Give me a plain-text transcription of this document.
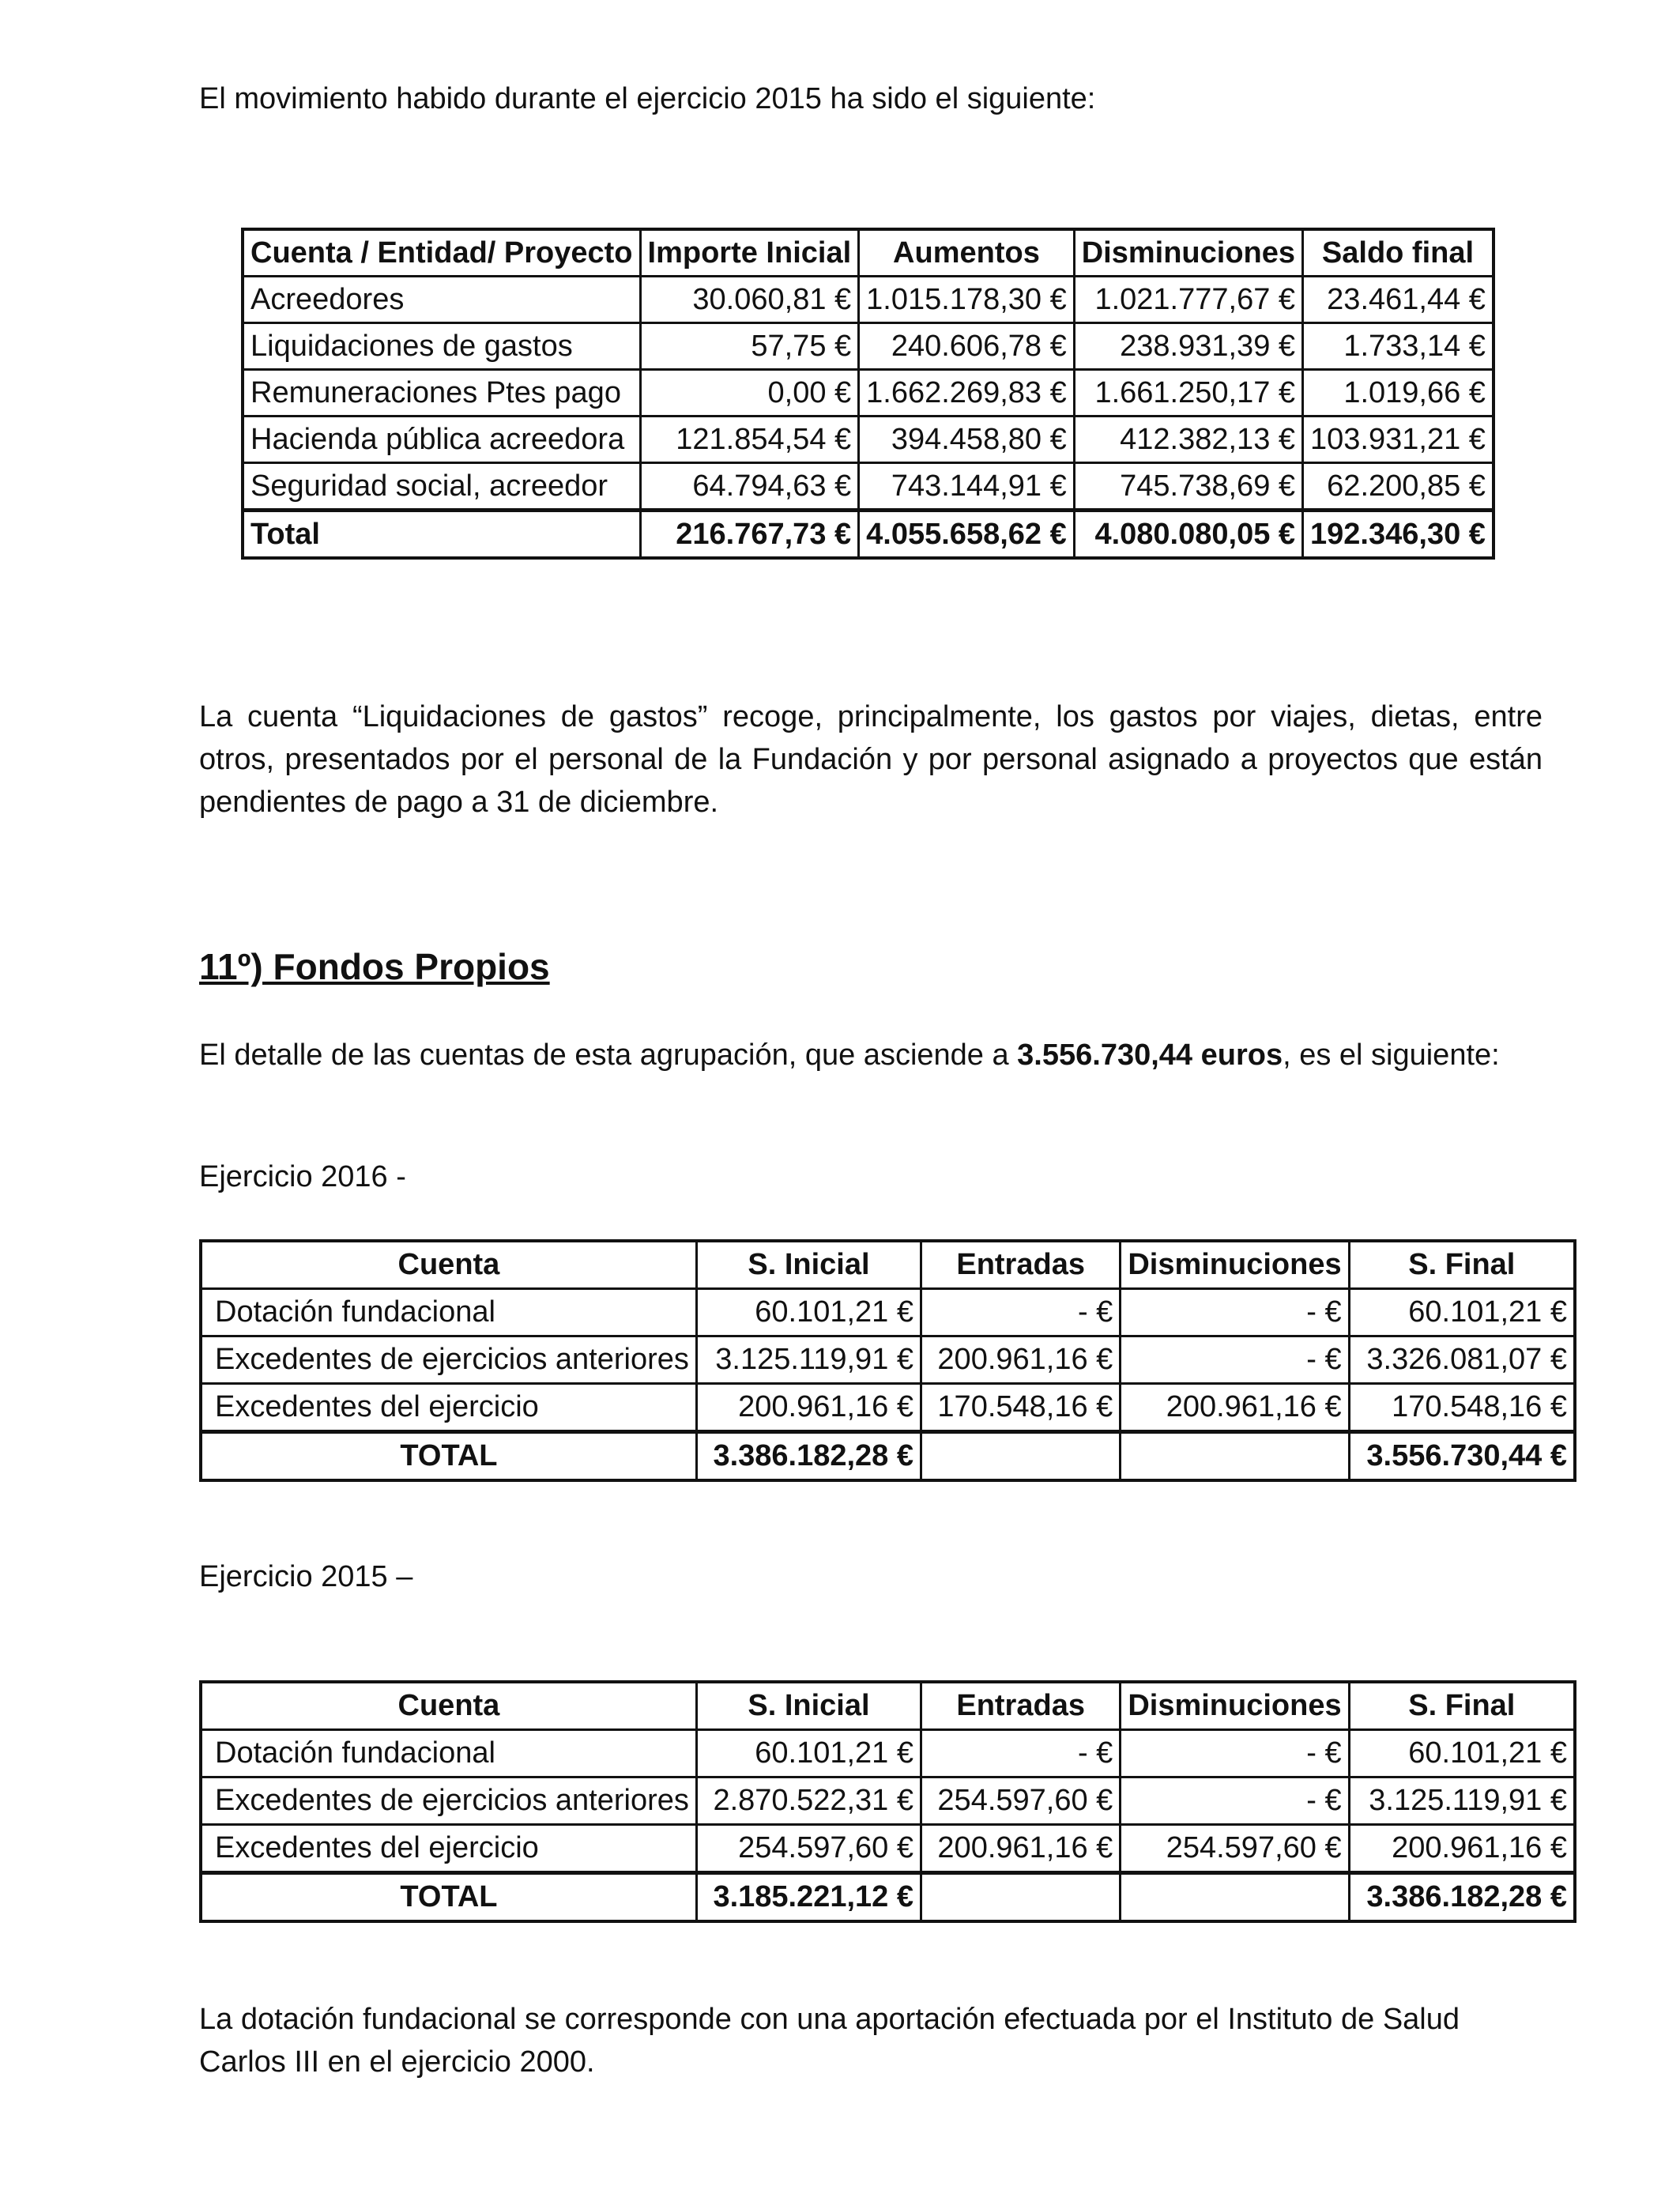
El movimiento habido durante el ejercicio 2015 ha sido el siguiente:

Cuenta / Entidad/ Proyecto	Importe Inicial	Aumentos	Disminuciones	Saldo final
Acreedores	30.060,81 €	1.015.178,30 €	1.021.777,67 €	23.461,44 €
Liquidaciones de gastos	57,75 €	240.606,78 €	238.931,39 €	1.733,14 €
Remuneraciones Ptes pago	0,00 €	1.662.269,83 €	1.661.250,17 €	1.019,66 €
Hacienda pública acreedora	121.854,54 €	394.458,80 €	412.382,13 €	103.931,21 €
Seguridad social, acreedor	64.794,63 €	743.144,91 €	745.738,69 €	62.200,85 €
Total	216.767,73 €	4.055.658,62 €	4.080.080,05 €	192.346,30 €

La cuenta “Liquidaciones de gastos” recoge, principalmente, los gastos por viajes, dietas, entre otros, presentados por el personal de la Fundación y por personal asignado a proyectos que están pendientes de pago a 31 de diciembre.

11º) Fondos Propios

El detalle de las cuentas de esta agrupación, que asciende a 3.556.730,44 euros, es el siguiente:

Ejercicio 2016 -

Cuenta	S. Inicial	Entradas	Disminuciones	S. Final
Dotación fundacional	60.101,21 €	- €	- €	60.101,21 €
Excedentes de ejercicios anteriores	3.125.119,91 €	200.961,16 €	- €	3.326.081,07 €
Excedentes del ejercicio	200.961,16 €	170.548,16 €	200.961,16 €	170.548,16 €
TOTAL	3.386.182,28 €			3.556.730,44 €

Ejercicio 2015 –

Cuenta	S. Inicial	Entradas	Disminuciones	S. Final
Dotación fundacional	60.101,21 €	- €	- €	60.101,21 €
Excedentes de ejercicios anteriores	2.870.522,31 €	254.597,60 €	- €	3.125.119,91 €
Excedentes del ejercicio	254.597,60 €	200.961,16 €	254.597,60 €	200.961,16 €
TOTAL	3.185.221,12 €			3.386.182,28 €

La dotación fundacional se corresponde con una aportación efectuada por el Instituto de Salud Carlos III en el ejercicio 2000.
